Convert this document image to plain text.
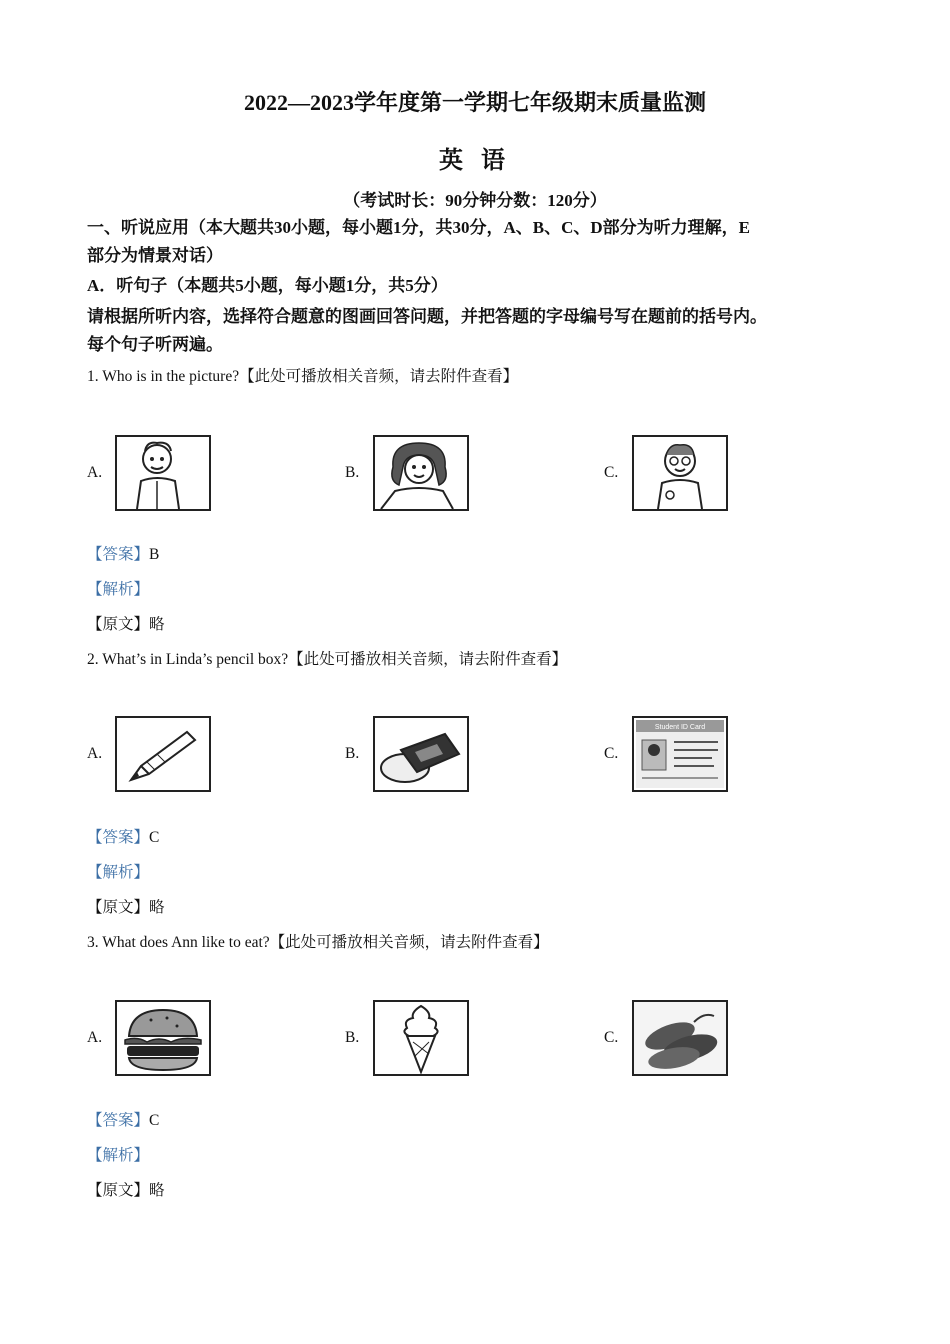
2022—2023学年度第一学期七年级期末质量监测
英 语
（考试时长：90分钟分数：120分）
一、听说应用（本大题共30小题，每小题1分，共30分，A、B、C、D部分为听力理解，E
部分为情景对话）
A．听句子（本题共5小题，每小题1分，共5分）
请根据所听内容，选择符合题意的图画回答问题，并把答题的字母编号写在题前的括号内。
每个句子听两遍。
1. Who is in the picture?【此处可播放相关音频，请去附件查看】
A.	B.	C.
【答案】B
【解析】
【原文】略
2. What’s in Linda’s pencil box?【此处可播放相关音频，请去附件查看】
A.	B.	C.
Student ID Card
【答案】C
【解析】
【原文】略
3. What does Ann like to eat?【此处可播放相关音频，请去附件查看】
A.	B.	C.
【答案】C
【解析】
【原文】略
